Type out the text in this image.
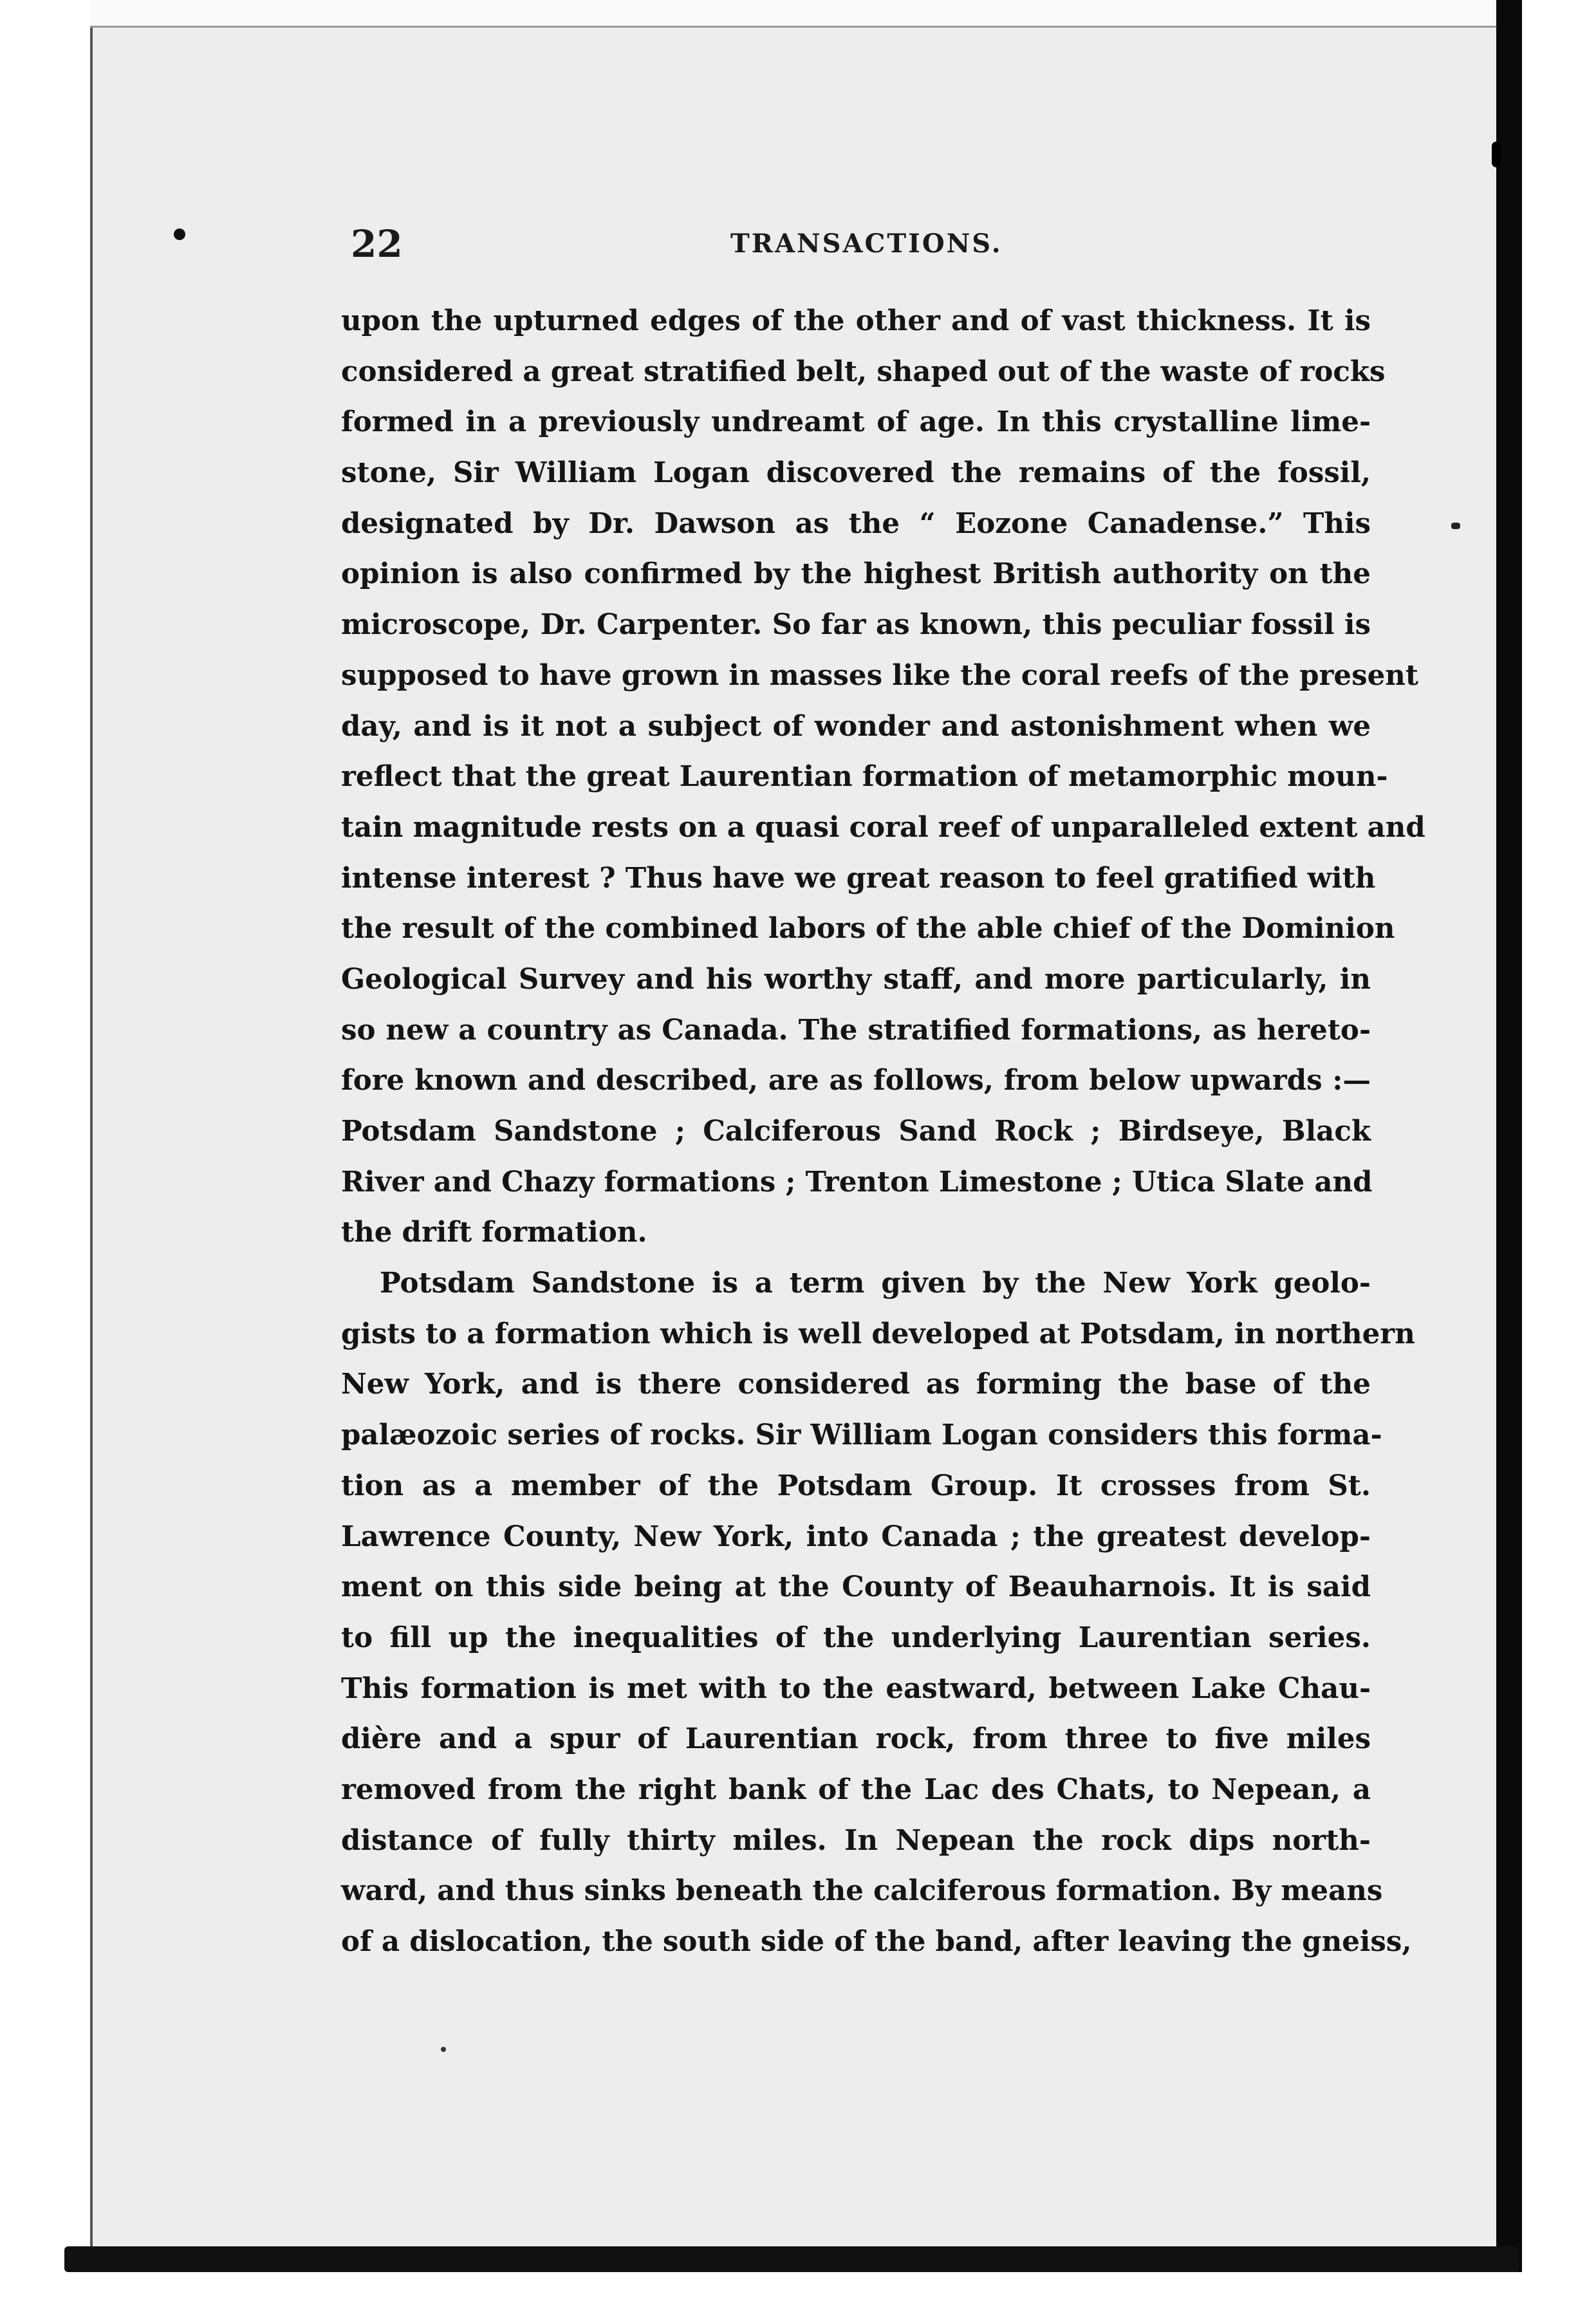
22	TRANSACTIONS.
upon the upturned edges of the other and of vast thickness. It is
considered a great stratified belt, shaped out of the waste of rocks
formed in a previously undreamt of age. In this crystalline lime-
stone, Sir William Logan discovered the remains of the fossil,
designated by Dr. Dawson as the “ Eozone Canadense.” This
opinion is also confirmed by the highest British authority on the
microscope, Dr. Carpenter. So far as known, this peculiar fossil is
supposed to have grown in masses like the coral reefs of the present
day, and is it not a subject of wonder and astonishment when we
reflect that the great Laurentian formation of metamorphic moun-
tain magnitude rests on a quasi coral reef of unparalleled extent and
intense interest ? Thus have we great reason to feel gratified with
the result of the combined labors of the able chief of the Dominion
Geological Survey and his worthy staff, and more particularly, in
so new a country as Canada. The stratified formations, as hereto-
fore known and described, are as follows, from below upwards :—
Potsdam Sandstone ; Calciferous Sand Rock ; Birdseye, Black
River and Chazy formations ; Trenton Limestone ; Utica Slate and
the drift formation.
Potsdam Sandstone is a term given by the New York geolo-
gists to a formation which is well developed at Potsdam, in northern
New York, and is there considered as forming the base of the
palæozoic series of rocks. Sir William Logan considers this forma-
tion as a member of the Potsdam Group. It crosses from St.
Lawrence County, New York, into Canada ; the greatest develop-
ment on this side being at the County of Beauharnois. It is said
to fill up the inequalities of the underlying Laurentian series.
This formation is met with to the eastward, between Lake Chau-
dière and a spur of Laurentian rock, from three to five miles
removed from the right bank of the Lac des Chats, to Nepean, a
distance of fully thirty miles. In Nepean the rock dips north-
ward, and thus sinks beneath the calciferous formation. By means
of a dislocation, the south side of the band, after leaving the gneiss,
